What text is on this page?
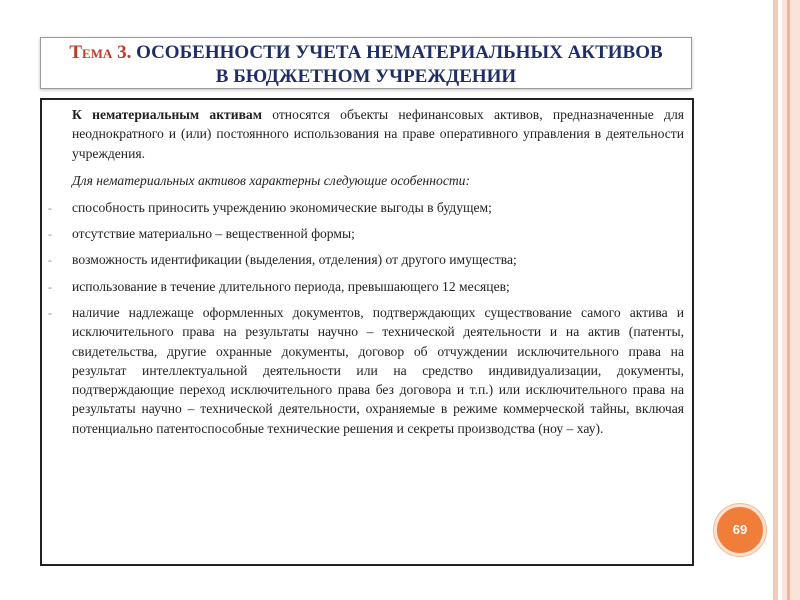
Тема 3. ОСОБЕННОСТИ УЧЕТА НЕМАТЕРИАЛЬНЫХ АКТИВОВ
В БЮДЖЕТНОМ УЧРЕЖДЕНИИ
К нематериальным активам относятся объекты нефинансовых активов, предназначенные для неоднократного и (или) постоянного использования на праве оперативного управления в деятельности учреждения.
Для нематериальных активов характерны следующие особенности:
- способность приносить учреждению экономические выгоды в будущем;
- отсутствие материально – вещественной формы;
- возможность идентификации (выделения, отделения) от другого имущества;
- использование в течение длительного периода, превышающего 12 месяцев;
- наличие надлежаще оформленных документов, подтверждающих существование самого актива и исключительного права на результаты научно – технической деятельности и на актив (патенты, свидетельства, другие охранные документы, договор об отчуждении исключительного права на результат интеллектуальной деятельности или на средство индивидуализации, документы, подтверждающие переход исключительного права без договора и т.п.) или исключительного права на результаты научно – технической деятельности, охраняемые в режиме коммерческой тайны, включая потенциально патентоспособные технические решения и секреты производства (ноу – хау).
69
